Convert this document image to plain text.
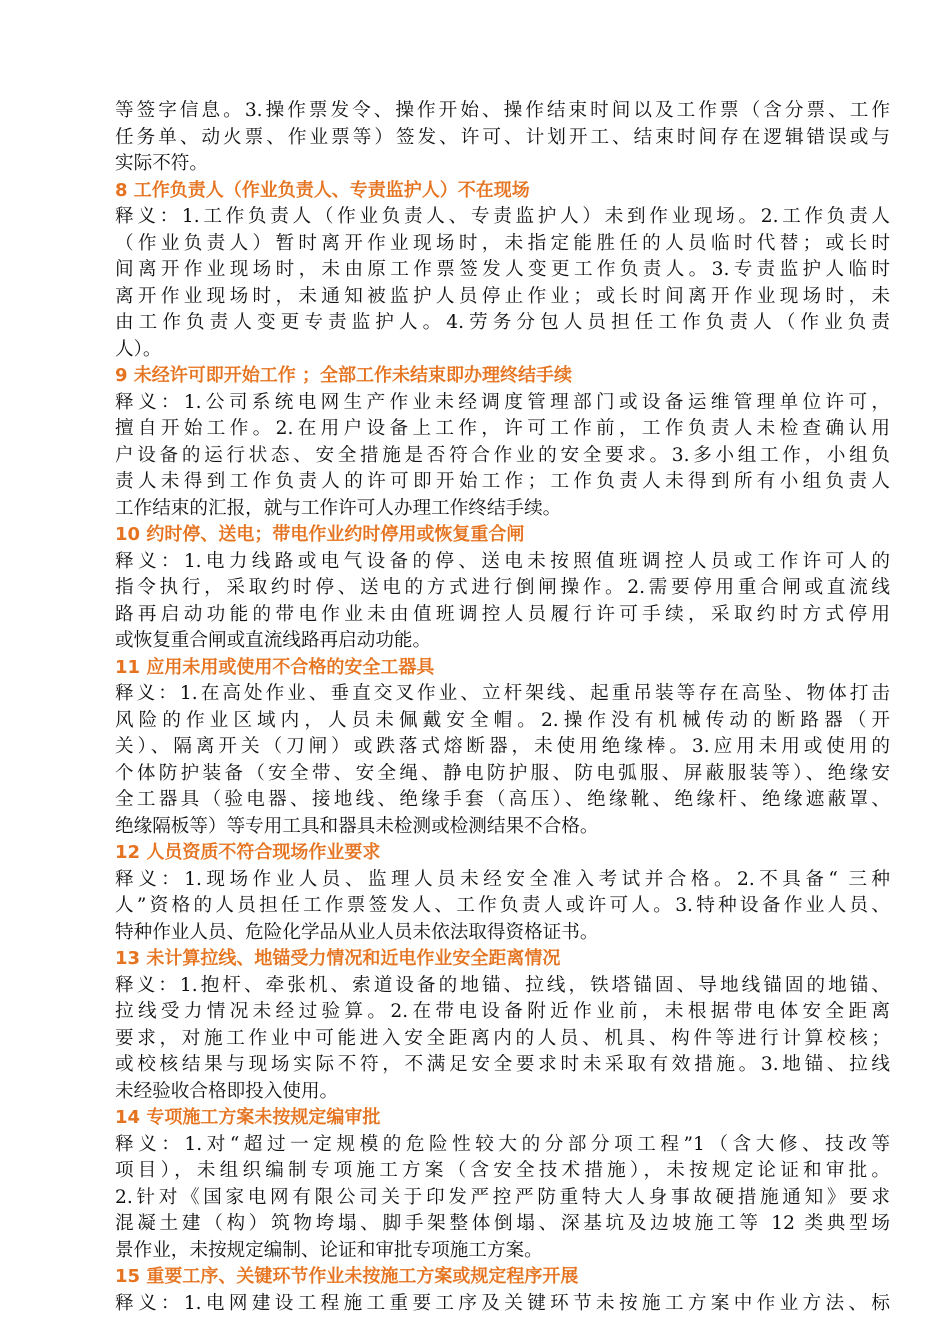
等签字信息。3.操作票发令、操作开始、操作结束时间以及工作票（含分票、工作
任务单、动火票、作业票等）签发、许可、计划开工、结束时间存在逻辑错误或与
实际不符。
8 工作负责人（作业负责人、专责监护人）不在现场
释义：1.工作负责人（作业负责人、专责监护人）未到作业现场。2.工作负责人
（作业负责人）暂时离开作业现场时，未指定能胜任的人员临时代替；或长时
间离开作业现场时，未由原工作票签发人变更工作负责人。3.专责监护人临时
离开作业现场时，未通知被监护人员停止作业；或长时间离开作业现场时，未
由工作负责人变更专责监护人。4.劳务分包人员担任工作负责人（作业负责
人）。
9 未经许可即开始工作 ；全部工作未结束即办理终结手续
释义：1.公司系统电网生产作业未经调度管理部门或设备运维管理单位许可，
擅自开始工作。2.在用户设备上工作，许可工作前，工作负责人未检查确认用
户设备的运行状态、安全措施是否符合作业的安全要求。3.多小组工作，小组负
责人未得到工作负责人的许可即开始工作；工作负责人未得到所有小组负责人
工作结束的汇报，就与工作许可人办理工作终结手续。
10 约时停、送电；带电作业约时停用或恢复重合闸
释义：1.电力线路或电气设备的停、送电未按照值班调控人员或工作许可人的
指令执行，采取约时停、送电的方式进行倒闸操作。2.需要停用重合闸或直流线
路再启动功能的带电作业未由值班调控人员履行许可手续，采取约时方式停用
或恢复重合闸或直流线路再启动功能。
11 应用未用或使用不合格的安全工器具
释义：1.在高处作业、垂直交叉作业、立杆架线、起重吊装等存在高坠、物体打击
风险的作业区域内，人员未佩戴安全帽。2.操作没有机械传动的断路器（开
关）、隔离开关（刀闸）或跌落式熔断器，未使用绝缘棒。3.应用未用或使用的
个体防护装备（安全带、安全绳、静电防护服、防电弧服、屏蔽服装等）、绝缘安
全工器具（验电器、接地线、绝缘手套（高压）、绝缘靴、绝缘杆、绝缘遮蔽罩、
绝缘隔板等）等专用工具和器具未检测或检测结果不合格。
12 人员资质不符合现场作业要求
释义：1.现场作业人员、监理人员未经安全准入考试并合格。2.不具备“ 三种
人”资格的人员担任工作票签发人、工作负责人或许可人。3.特种设备作业人员、
特种作业人员、危险化学品从业人员未依法取得资格证书。
13 未计算拉线、地锚受力情况和近电作业安全距离情况
释义：1.抱杆、牵张机、索道设备的地锚、拉线，铁塔锚固、导地线锚固的地锚、
拉线受力情况未经过验算。2.在带电设备附近作业前，未根据带电体安全距离
要求，对施工作业中可能进入安全距离内的人员、机具、构件等进行计算校核；
或校核结果与现场实际不符，不满足安全要求时未采取有效措施。3.地锚、拉线
未经验收合格即投入使用。
14 专项施工方案未按规定编审批
释义：1.对“超过一定规模的危险性较大的分部分项工程”1（含大修、技改等
项目），未组织编制专项施工方案（含安全技术措施），未按规定论证和审批。
2.针对《国家电网有限公司关于印发严控严防重特大人身事故硬措施通知》要求
混凝土建（构）筑物垮塌、脚手架整体倒塌、深基坑及边坡施工等 12 类典型场
景作业，未按规定编制、论证和审批专项施工方案。
15 重要工序、关键环节作业未按施工方案或规定程序开展
释义：1.电网建设工程施工重要工序及关键环节未按施工方案中作业方法、标
